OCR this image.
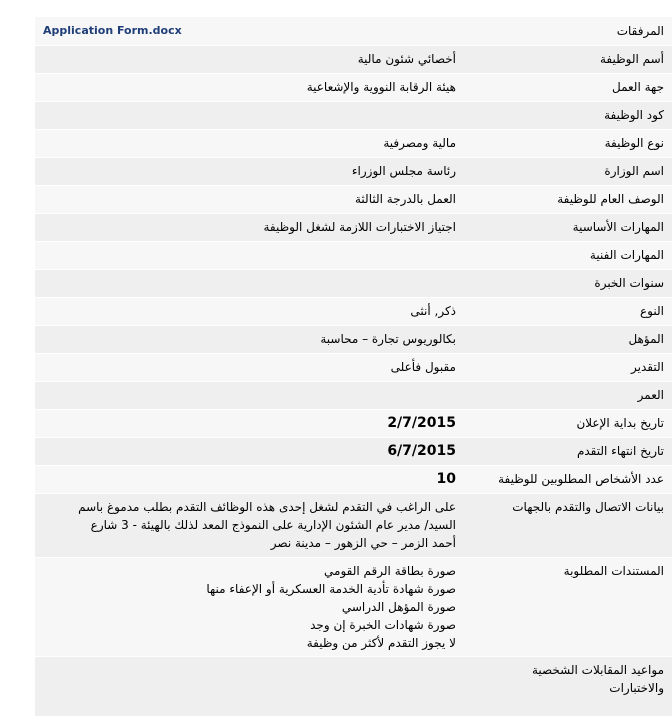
المرفقات	Application Form.docx
أسم الوظيفة	أخصائي شئون مالية
جهة العمل	هيئة الرقابة النووية والإشعاعية
كود الوظيفة	
نوع الوظيفة	مالية ومصرفية
اسم الوزارة	رئاسة مجلس الوزراء
الوصف العام للوظيفة	العمل بالدرجة الثالثة
المهارات الأساسية	اجتياز الاختبارات اللازمة لشغل الوظيفة
المهارات الفنية	
سنوات الخبرة	
النوع	ذكر, أنثى
المؤهل	بكالوريوس تجارة – محاسبة
التقدير	مقبول فأعلى
العمر	
تاريخ بداية الإعلان	2/7/2015
تاريخ انتهاء التقدم	6/7/2015
عدد الأشخاص المطلوبين للوظيفة	10
بيانات الاتصال والتقدم بالجهات	على الراغب في التقدم لشغل إحدى هذه الوظائف التقدم بطلب مدموغ باسم
السيد/ مدير عام الشئون الإدارية على النموذج المعد لذلك بالهيئة - 3 شارع
أحمد الزمر – حي الزهور – مدينة نصر

المستندات المطلوبة	صورة بطاقة الرقم القومي
صورة شهادة تأدية الخدمة العسكرية أو الإعفاء منها
صورة المؤهل الدراسي
صورة شهادات الخبرة إن وجد
لا يجوز التقدم لأكثر من وظيفة

مواعيد المقابلات الشخصية
والاختبارات	
